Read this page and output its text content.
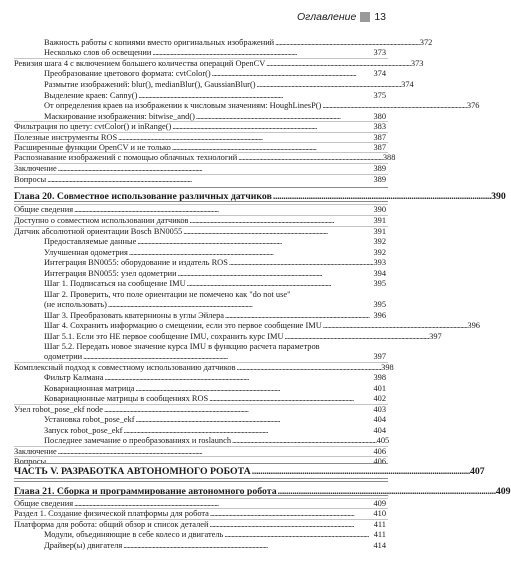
Оглавление 13
Важность работы с копиями вместо оригинальных изображений . . .	372
Несколько слов об освещении . . .	373
Ревизия шага 4 с включением большего количества операций OpenCV . . .	373
Преобразование цветового формата: cvtColor() . . .	374
Размытие изображений: blur(), medianBlur(), GaussianBlur() . . .	374
Выделение краев: Canny() . . .	375
От определения краев на изображении к числовым значениям: HoughLinesP() . . .	376
Маскирование изображения: bitwise_and() . . .	380
Фильтрация по цвету: cvtColor() и inRange() . . .	383
Полезные инструменты ROS . . .	387
Расширенные функции OpenCV и не только . . .	387
Распознавание изображений с помощью облачных технологий . . .	388
Заключение . . .	389
Вопросы . . .	389
Глава 20. Совместное использование различных датчиков . . .	390
Общие сведения . . .	390
Доступно о совместном использовании датчиков . . .	391
Датчик абсолютной ориентации Bosch BN0055 . . .	391
Предоставляемые данные . . .	392
Улучшенная одометрия . . .	392
Интеграция BN0055: оборудование и издатель ROS . . .	393
Интеграция BN0055: узел одометрии . . .	394
Шаг 1. Подписаться на сообщение IMU . . .	395
Шаг 2. Проверить, что поле ориентации не помечено как "do not use"
(не использовать) . . .	395
Шаг 3. Преобразовать кватернионы в углы Эйлера . . .	396
Шаг 4. Сохранить информацию о смещении, если это первое сообщение IMU . . .	396
Шаг 5.1. Если это НЕ первое сообщение IMU, сохранить курс IMU . . .	397
Шаг 5.2. Передать новое значение курса IMU в функцию расчета параметров
одометрии . . .	397
Комплексный подход к совместному использованию датчиков . . .	398
Фильтр Калмана . . .	398
Ковариационная матрица . . .	401
Ковариационные матрицы в сообщениях ROS . . .	402
Узел robot_pose_ekf node . . .	403
Установка robot_pose_ekf . . .	404
Запуск robot_pose_ekf . . .	404
Последнее замечание о преобразованиях и roslaunch . . .	405
Заключение . . .	406
Вопросы . . .	406
ЧАСТЬ V. РАЗРАБОТКА АВТОНОМНОГО РОБОТА . . .	407
Глава 21. Сборка и программирование автономного робота . . .	409
Общие сведения . . .	409
Раздел 1. Создание физической платформы для робота . . .	410
Платформа для робота: общий обзор и список деталей . . .	411
Модули, объединяющие в себе колесо и двигатель . . .	411
Драйвер(ы) двигателя . . .	414
